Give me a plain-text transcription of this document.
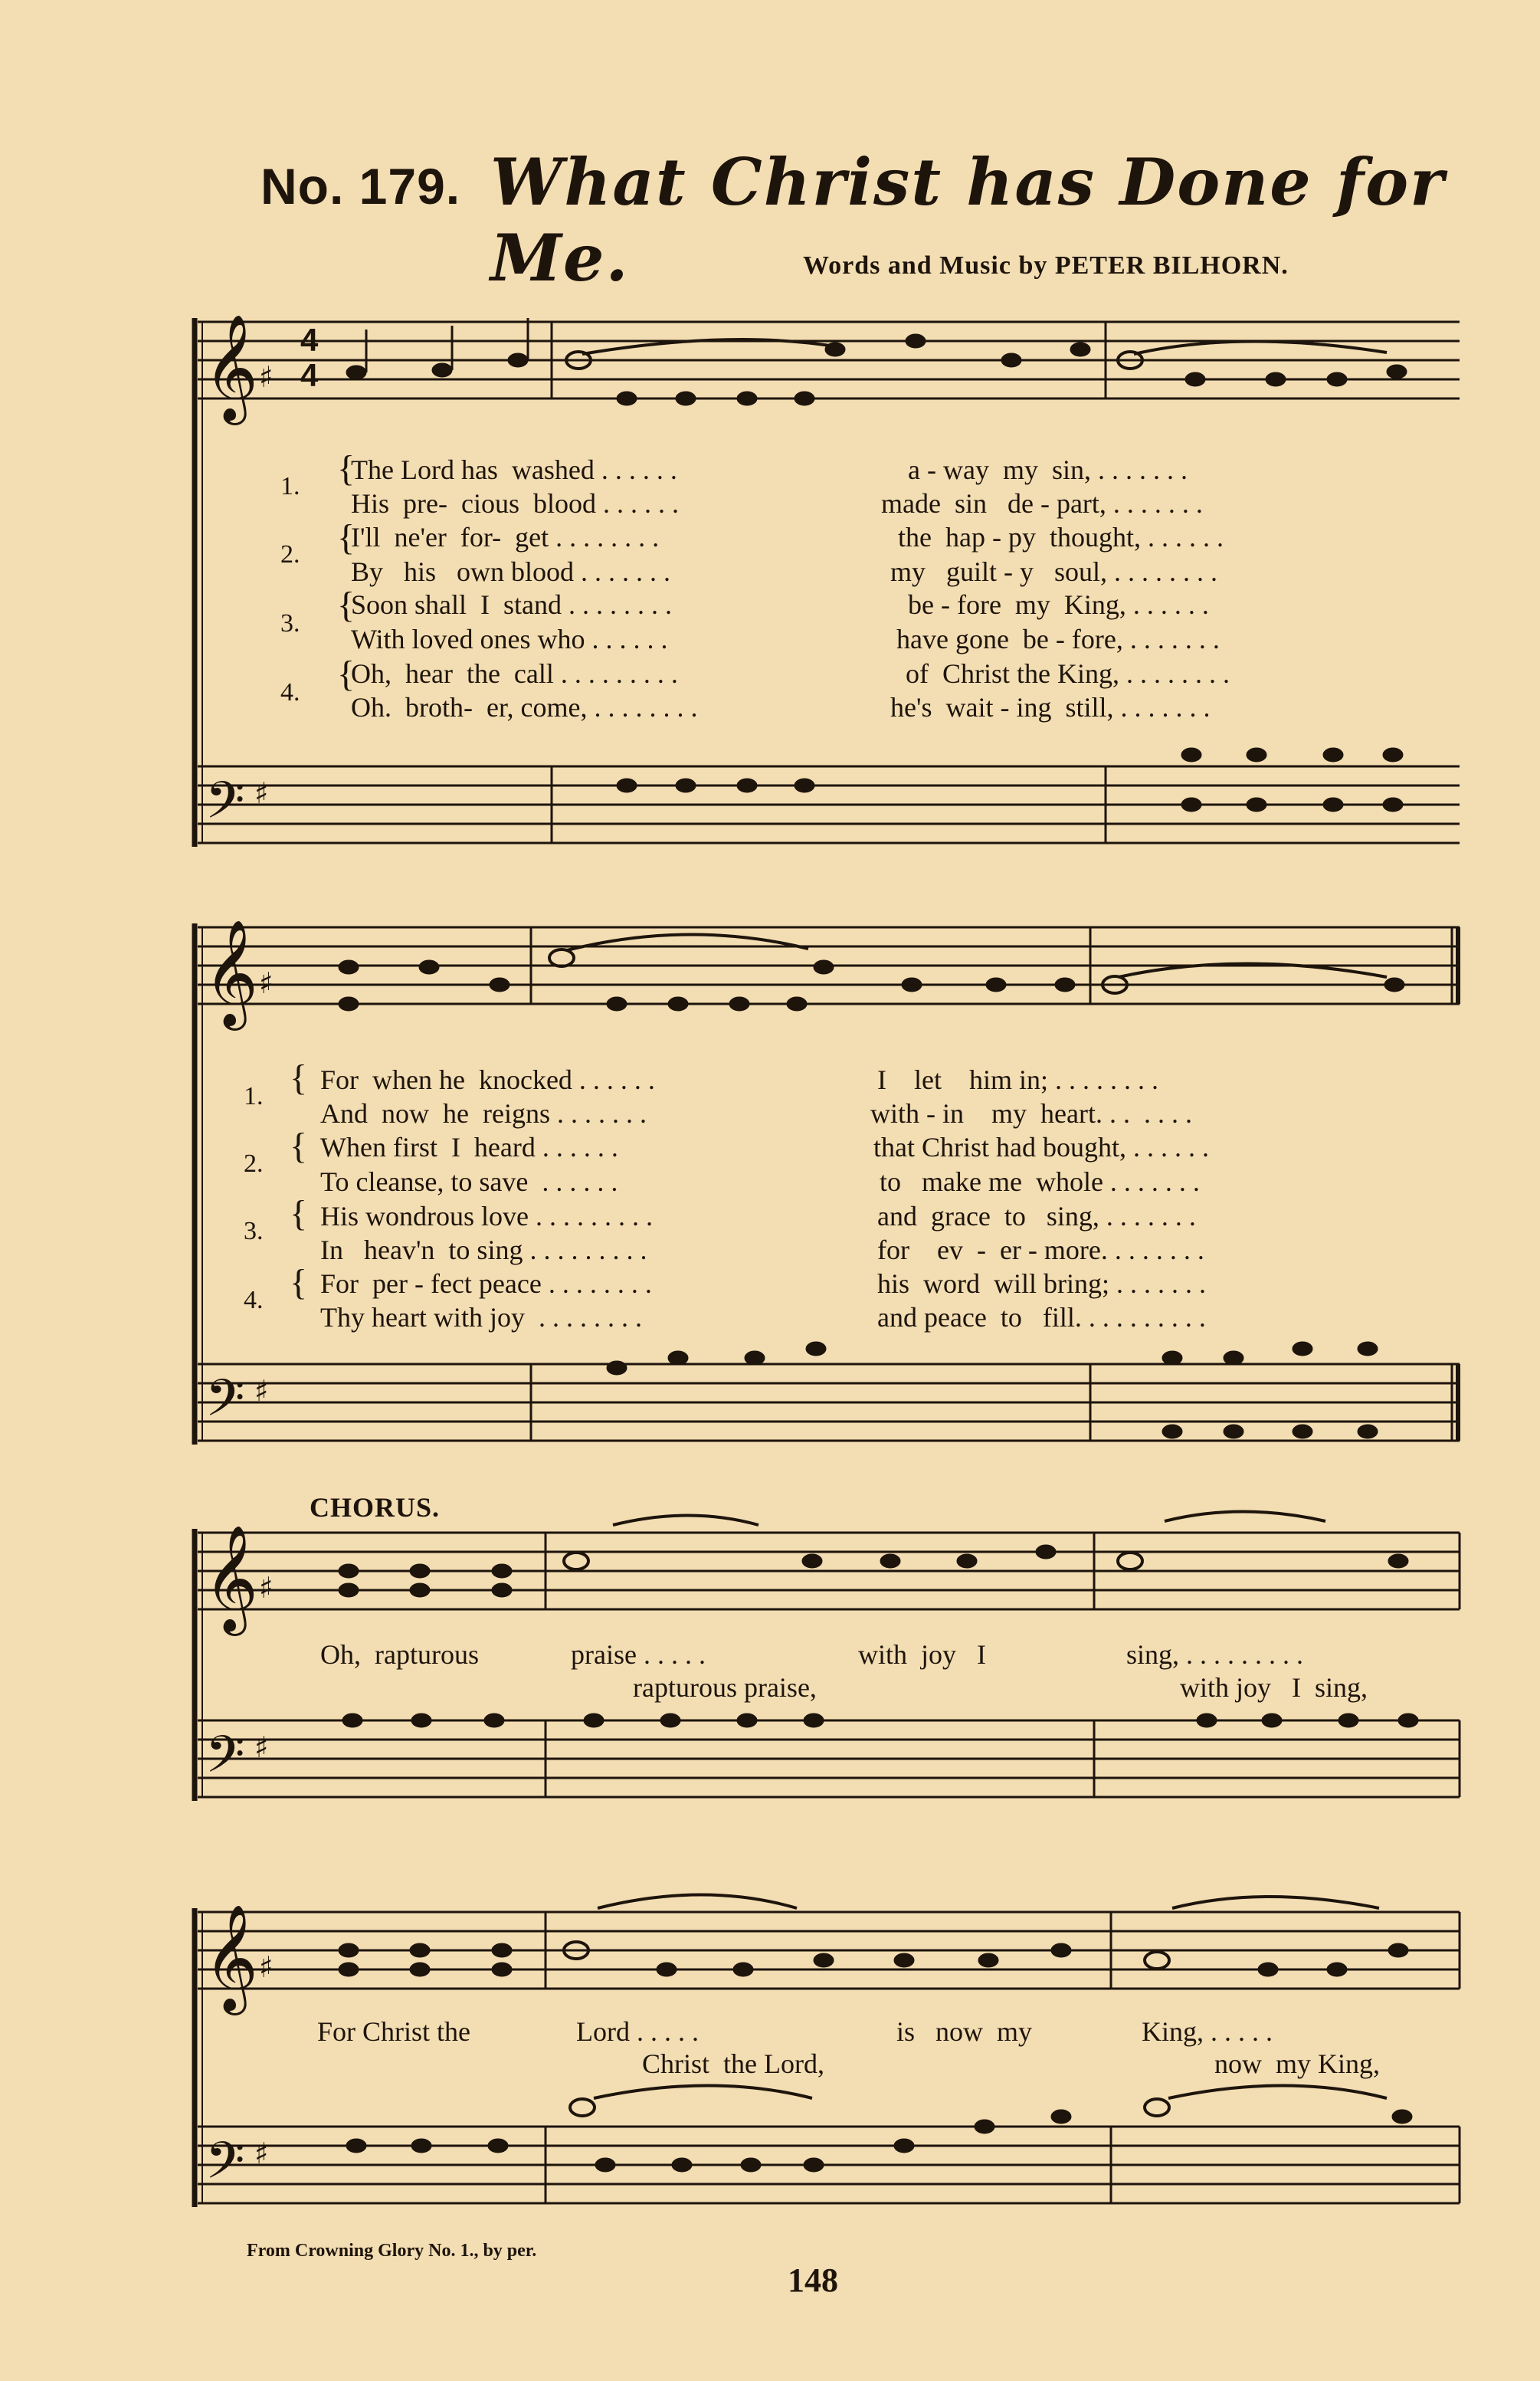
No. 179. What Christ has Done for Me.	Words and Music by PETER BILHORN.
𝄞
𝄢
𝄞
𝄢
𝄞
𝄢
𝄞
𝄢
♯
♯
♯
♯
♯
♯
♯
♯
4
4
1. {
The Lord has  washed . . . . . .	a - way  my  sin, . . . . . . .
His  pre-  cious  blood . . . . . .	made  sin   de - part, . . . . . . .
2. {
I'll  ne'er  for-  get . . . . . . . .	the  hap - py  thought, . . . . . .
By   his   own blood . . . . . . .	my   guilt - y   soul, . . . . . . . .
3. {
Soon shall  I  stand . . . . . . . .	be - fore  my  King, . . . . . .
With loved ones who . . . . . .	have gone  be - fore, . . . . . . .
4. {
Oh,  hear  the  call . . . . . . . . .	of  Christ the King, . . . . . . . .
Oh.  broth-  er, come, . . . . . . . .	he's  wait - ing  still, . . . . . . .
1. { For  when he  knocked . . . . . .	I    let    him in; . . . . . . . .
And  now  he  reigns . . . . . . .	with - in    my  heart. . .  . . . .
2. { When first  I  heard . . . . . .	that Christ had bought, . . . . . .
To cleanse, to save  . . . . . .	to   make me  whole . . . . . . .
3. { His wondrous love . . . . . . . . .	and  grace  to   sing, . . . . . . .
In   heav'n  to sing . . . . . . . . .	for    ev  -  er - more. . . . . . . .
4. { For  per - fect peace . . . . . . . .	his  word  will bring; . . . . . . .
Thy heart with joy  . . . . . . . .	and peace  to   fill. . . . . . . . . .
CHORUS.
Oh,  rapturous	praise . . . . .	with  joy   I	sing, . . . . . . . . .
rapturous praise,	with joy   I  sing,
For Christ the	Lord . . . . .	is   now  my	King, . . . . .
Christ  the Lord,	now  my King,
From Crowning Glory No. 1., by per.
148
